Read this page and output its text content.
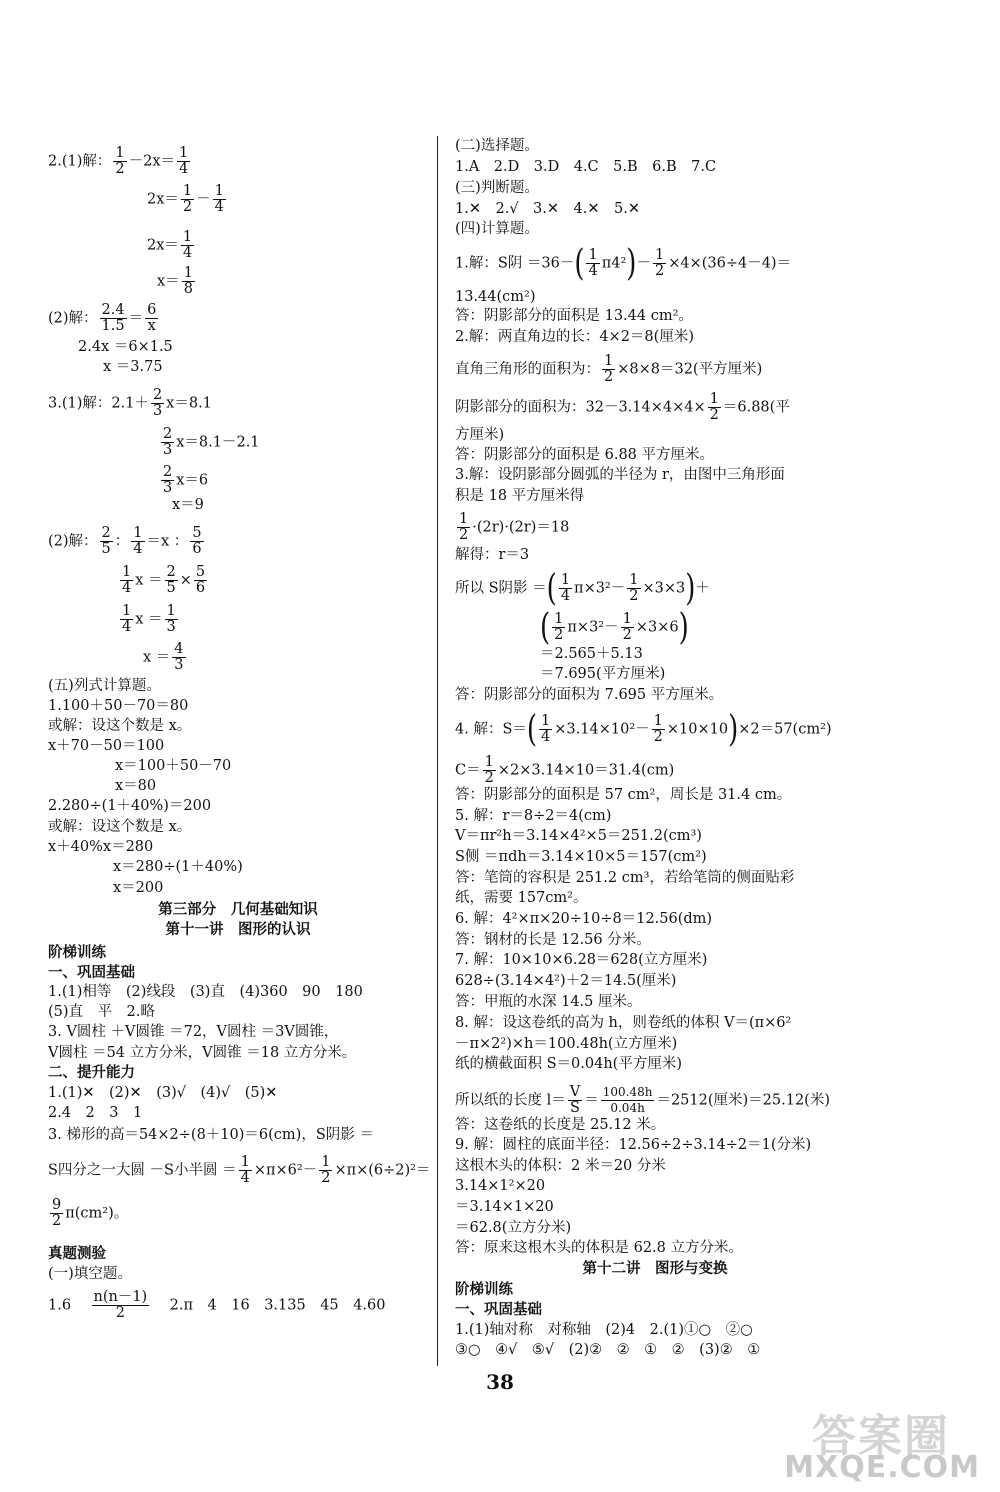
2.(1)解： $\frac{1}{2} -2x= \frac{1}{4}$
$2x= \frac{1}{2} - \frac{1}{4}$
$2x= \frac{1}{4}$
$x= \frac{1}{8}$
(2)解： $\frac{2.4}{1.5} = \frac{6}{x}$
2.4x ＝6×1.5
x ＝3.75
3.(1)解：$2.1+ \frac{2}{3} x=8.1$
$\frac{2}{3} x=8.1-2.1$
$\frac{2}{3} x=6$
x＝9
(2)解： $\frac{2}{5}$ ： $\frac{1}{4} =x$ ： $\frac{5}{6}$
$\frac{1}{4}$ $x = \frac{2}{5} \times \frac{5}{6}$
$\frac{1}{4}$ $x = \frac{1}{3}$
$x = \frac{4}{3}$
(五)列式计算题。
1.100＋50－70＝80
或解：设这个数是 x。
x＋70－50＝100
x＝100＋50－70
x＝80
2.280÷(1＋40%)＝200
或解：设这个数是 x。
x＋40%x＝280
x＝280÷(1＋40%)
x＝200
第三部分　几何基础知识
第十一讲　图形的认识
阶梯训练
一、巩固基础
1.(1)相等　(2)线段　(3)直　(4)360　90　180
(5)直　平　2.略
3. V圆柱 ＋V圆锥 ＝72，V圆柱 ＝3V圆锥，
V圆柱 ＝54 立方分米，V圆锥 ＝18 立方分米。
二、提升能力
1.(1)✕　(2)✕　(3)√　(4)√　(5)✕
2.4　2　3　1
3. 梯形的高＝54×2÷(8＋10)＝6(cm)，S阴影 ＝
S四分之一大圆 －S小半圆 ＝ $\frac{1}{4} \times\pi\times 6^2- \frac{1}{2} \times\pi\times(6\div 2)^2=$
$\frac{9}{2} \pi(cm^2)$。
真题测验
(一)填空题。
$1.6 \frac{n(n-1)}{2} 2.\pi$　4　16　3.135　45　4.60
(二)选择题。
1.A　2.D　3.D　4.C　5.B　6.B　7.C
(三)判断题。
1.✕　2.√　3.✕　4.✕　5.✕
(四)计算题。
1.解：S阴 $=36-( \frac{1}{4} \pi 4^2)- \frac{1}{2} \times 4\times(36\div 4-4)=$
13.44(cm²)
答：阴影部分的面积是 13.44 cm²。
2.解：两直角边的长：4×2＝8(厘米)
直角三角形的面积为： $\frac{1}{2} \times 8\times 8=32$(平方厘米)
阴影部分的面积为：$32-3.14\times 4\times 4\times \frac{1}{2} =6.88$(平
方厘米)
答：阴影部分的面积是 6.88 平方厘米。
3.解：设阴影部分圆弧的半径为 r，由图中三角形面
积是 18 平方厘米得
$\frac{1}{2} \cdot(2r)\cdot(2r)=18$
解得：r＝3
所以 S阴影 ＝( $\frac{1}{4} \pi\times 3^2- \frac{1}{2} \times 3\times 3)+$
( $\frac{1}{2} \pi\times 3^2- \frac{1}{2} \times 3\times 6$)
＝2.565＋5.13
＝7.695(平方厘米)
答：阴影部分的面积为 7.695 平方厘米。
4. 解：$S=( \frac{1}{4} \times 3.14\times 10^2- \frac{1}{2} \times 10\times 10)\times 2=57(cm^2)$
$C= \frac{1}{2} \times 2\times 3.14\times 10=31.4(cm)$
答：阴影部分的面积是 57 cm²，周长是 31.4 cm。
5. 解：r＝8÷2＝4(cm)
V＝πr²h＝3.14×4²×5＝251.2(cm³)
S侧 ＝πdh＝3.14×10×5＝157(cm²)
答：笔筒的容积是 251.2 cm³，若给笔筒的侧面贴彩
纸，需要 157cm²。
6. 解：4²×π×20÷10÷8＝12.56(dm)
答：钢材的长是 12.56 分米。
7. 解：10×10×6.28＝628(立方厘米)
628÷(3.14×4²)＋2＝14.5(厘米)
答：甲瓶的水深 14.5 厘米。
8. 解：设这卷纸的高为 h，则卷纸的体积 V＝(π×6²
－π×2²)×h＝100.48h(立方厘米)
纸的横截面积 S＝0.04h(平方厘米)
所以纸的长度 $l= \frac{V}{S} = \frac{100.48h}{0.04h} =2512$(厘米)＝25.12(米)
答：这卷纸的长度是 25.12 米。
9. 解：圆柱的底面半径：12.56÷2÷3.14÷2＝1(分米)
这根木头的体积：2 米＝20 分米
3.14×1²×20
＝3.14×1×20
＝62.8(立方分米)
答：原来这根木头的体积是 62.8 立方分米。
第十二讲　图形与变换
阶梯训练
一、巩固基础
1.(1)轴对称　对称轴　(2)4　2.(1)①○　②○
③○　④√　⑤√　(2)②　②　①　②　(3)②　①
38
答案圈
MXQE.COM
